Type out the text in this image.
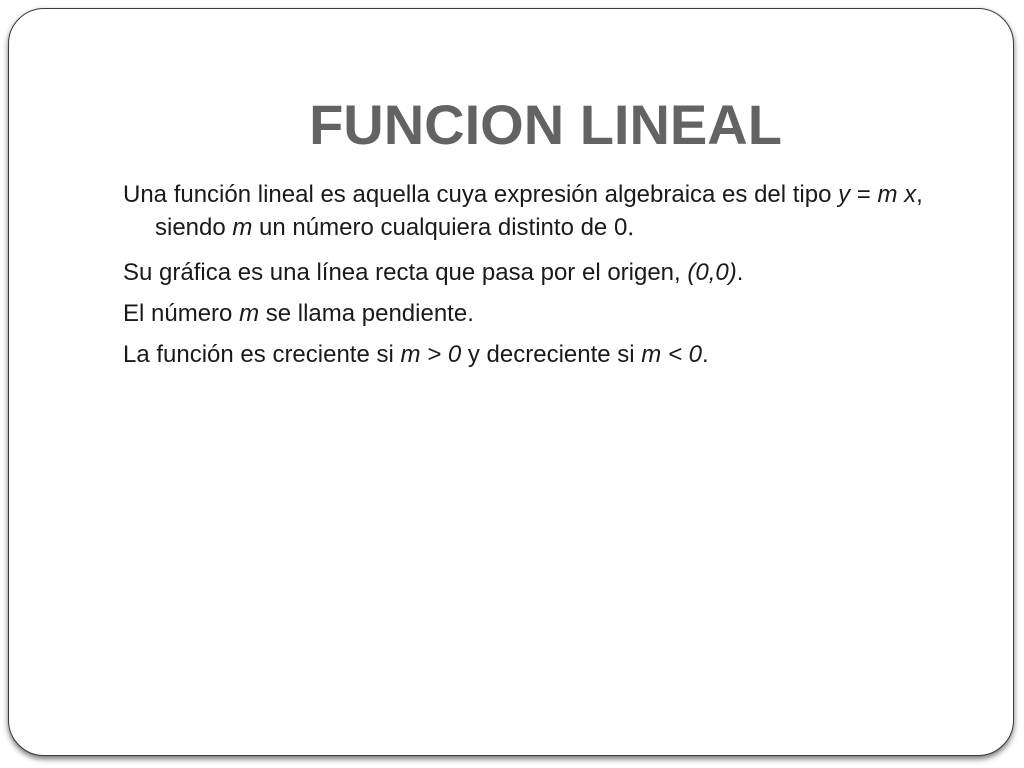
FUNCION LINEAL
Una función lineal es aquella cuya expresión algebraica es del tipo y = m x, siendo m un número cualquiera distinto de 0.
Su gráfica es una línea recta que pasa por el origen, (0,0).
El número m se llama pendiente.
La función es creciente si m > 0 y decreciente si m < 0.
